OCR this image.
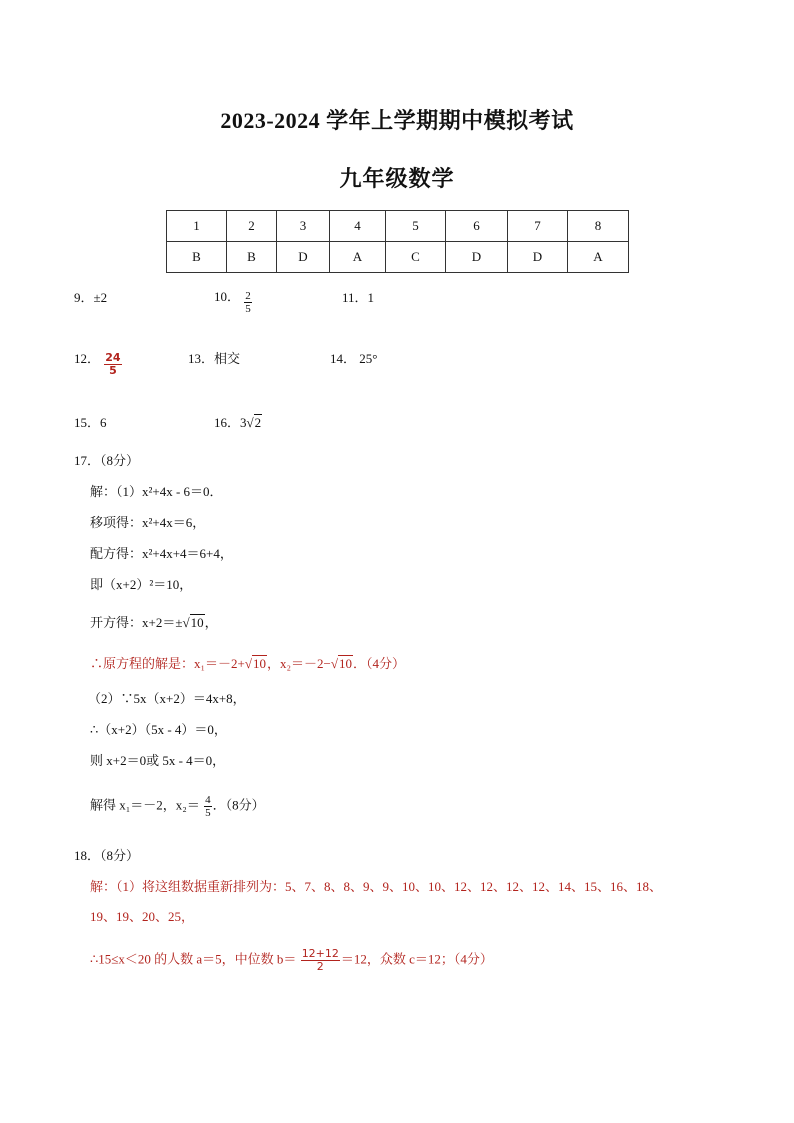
2023-2024 学年上学期期中模拟考试
九年级数学
1	2	3	4	5	6	7	8
B	B	D	A	C	D	D	A
9．±2	10． $\frac{2}{5}$	11．1
12． $\frac{24}{5}$	13．相交	14． 25°
15．6	16．3√2
17．（8分）
解：（1）x²+4x - 6＝0．
移项得：x²+4x＝6，
配方得：x²+4x+4＝6+4，
即（x+2）²＝10，
开方得：x+2＝±√10，
∴原方程的解是：x₁＝－2+√10，x₂＝－2−√10．（4分）
（2）∵5x（x+2）＝4x+8，
∴（x+2）（5x - 4）＝0，
则 x+2＝0或 5x - 4＝0，
解得 x₁＝－2，$x_2= \frac{4}{5}$ ．（8分）
18．（8分）
解：（1）将这组数据重新排列为：5、7、8、8、9、9、10、10、12、12、12、12、14、15、16、18、
19、19、20、25，
∴15≤x＜20 的人数 a＝5，中位数 $b= \frac{12+12}{2} =12$，众数 c＝12；（4分）
